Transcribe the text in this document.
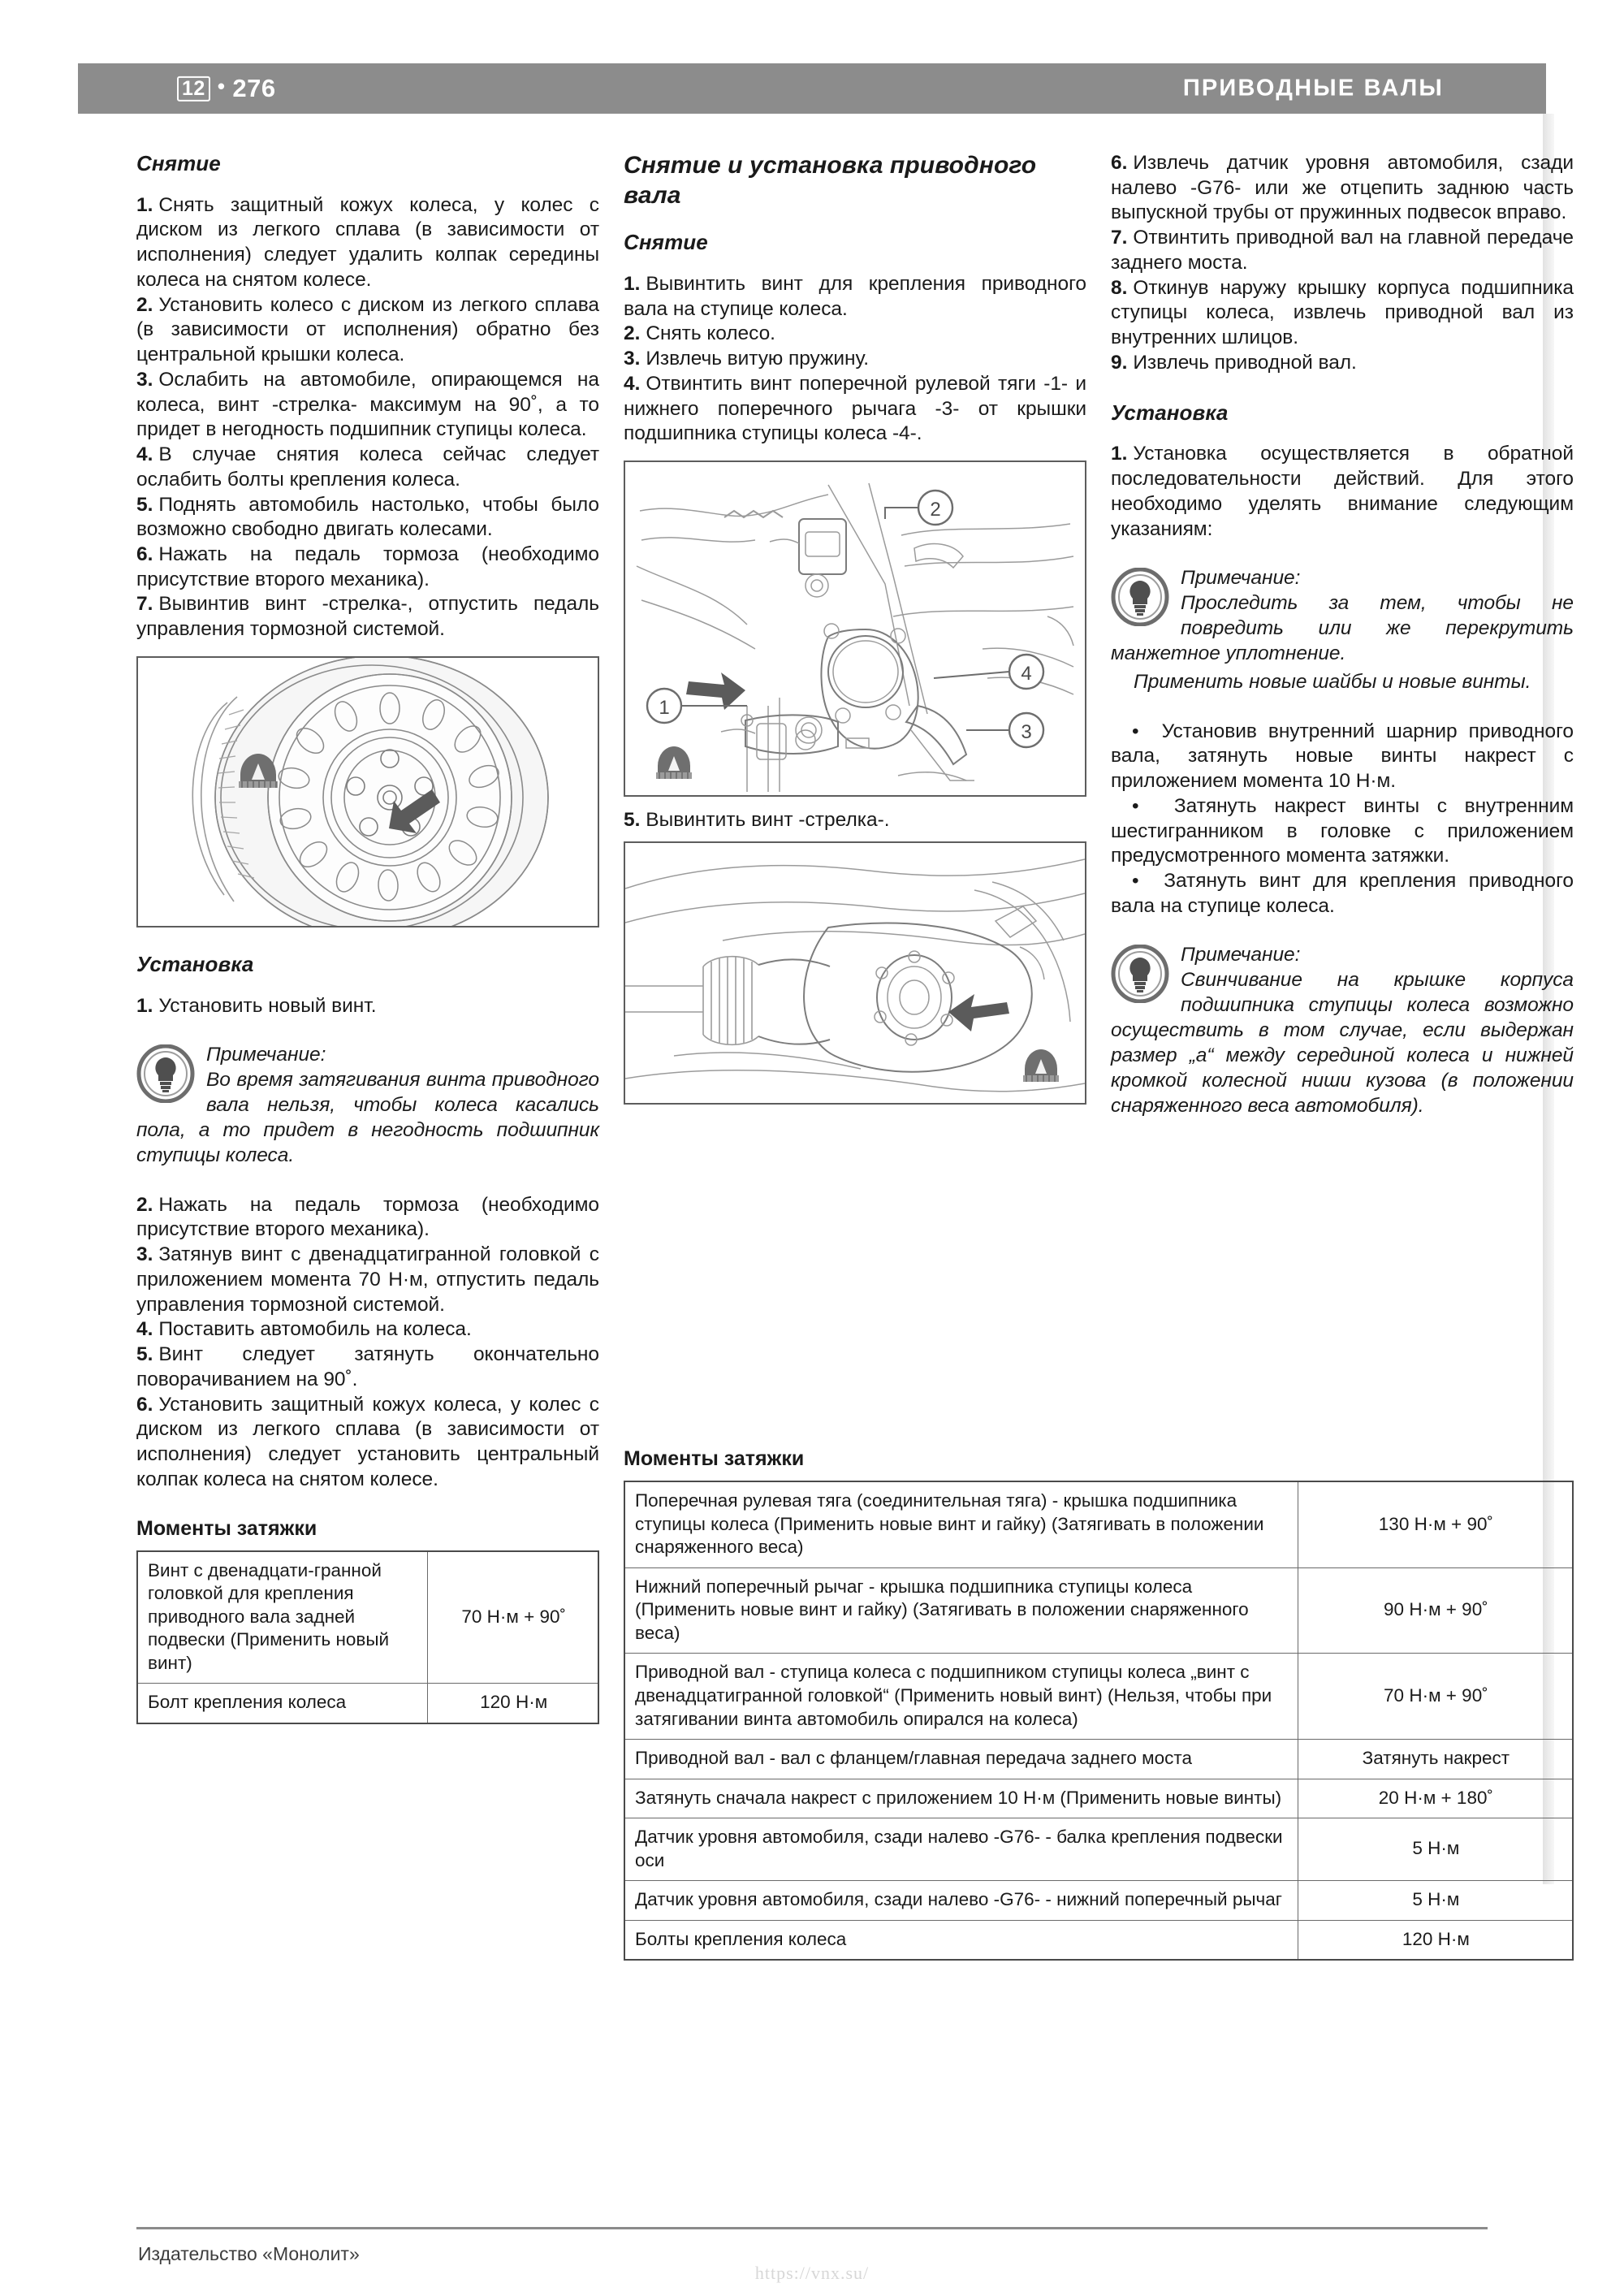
12 • 276	ПРИВОДНЫЕ ВАЛЫ
Снятие

1. Снять защитный кожух колеса, у колес с диском из легкого сплава (в зависимости от исполнения) следует удалить колпак середины колеса на снятом колесе.

2. Установить колесо с диском из легкого сплава (в зависимости от исполнения) обратно без центральной крышки колеса.

3. Ослабить на автомобиле, опирающемся на колеса, винт -стрелка- максимум на 90˚, а то придет в негодность подшипник ступицы колеса.

4. В случае снятия колеса сейчас следует ослабить болты крепления колеса.

5. Поднять автомобиль настолько, чтобы было возможно свободно двигать колесами.

6. Нажать на педаль тормоза (необходимо присутствие второго механика).

7. Вывинтив винт -стрелка-, отпустить педаль управления тормозной системой.

Установка

1. Установить новый винт.

Примечание:
Во время затягивания винта приводного вала нельзя, чтобы колеса касались пола, а то придет в негодность подшипник ступицы колеса.

2. Нажать на педаль тормоза (необходимо присутствие второго механика).

3. Затянув винт с двенадцатигранной головкой с приложением момента 70 Н·м, отпустить педаль управления тормозной системой.

4. Поставить автомобиль на колеса.

5. Винт следует затянуть окончательно поворачиванием на 90˚.

6. Установить защитный кожух колеса, у колес с диском из легкого сплава (в зависимости от исполнения) следует установить центральный колпак колеса на снятом колесе.

Моменты затяжки
Винт с двенадцати-гранной головкой для крепления приводного вала задней подвески (Применить новый винт)	70 Н·м + 90˚
Болт крепления колеса	120 Н·м
Снятие и установка приводного вала
Снятие

1. Вывинтить винт для крепления приводного вала на ступице колеса.

2. Снять колесо.

3. Извлечь витую пружину.

4. Отвинтить винт поперечной рулевой тяги -1- и нижнего поперечного рычага -3- от крышки подшипника ступицы колеса -4-.

1
2
3
4

5. Вывинтить винт -стрелка-.

6. Извлечь датчик уровня автомобиля, сзади налево -G76- или же отцепить заднюю часть выпускной трубы от пружинных подвесок вправо.

7. Отвинтить приводной вал на главной передаче заднего моста.

8. Откинув наружу крышку корпуса подшипника ступицы колеса, извлечь приводной вал из внутренних шлицов.

9. Извлечь приводной вал.

Установка

1. Установка осуществляется в обратной последовательности действий. Для этого необходимо уделять внимание следующим указаниям:

Примечание:
Проследить за тем, чтобы не повредить или же перекрутить манжетное уплотнение.
Применить новые шайбы и новые винты.

•  Установив внутренний шарнир приводного вала, затянуть новые винты накрест с приложением момента 10 Н·м.

•  Затянуть накрест винты с внутренним шестигранником в головке с приложением предусмотренного момента затяжки.

•  Затянуть винт для крепления приводного вала на ступице колеса.

Примечание:
Свинчивание на крышке корпуса подшипника ступицы колеса возможно осуществить в том случае, если выдержан размер „а“ между серединой колеса и нижней кромкой колесной ниши кузова (в положении снаряженного веса автомобиля).
Моменты затяжки
Поперечная рулевая тяга (соединительная тяга) - крышка подшипника ступицы колеса (Применить новые винт и гайку) (Затягивать в положении снаряженного веса)	130 Н·м + 90˚
Нижний поперечный рычаг - крышка подшипника ступицы колеса (Применить новые винт и гайку) (Затягивать в положении снаряженного веса)	90 Н·м + 90˚
Приводной вал - ступица колеса с подшипником ступицы колеса „винт с двенадцатигранной головкой“ (Применить новый винт) (Нельзя, чтобы при затягивании винта автомобиль опирался на колеса)	70 Н·м + 90˚
Приводной вал - вал с фланцем/главная передача заднего моста	Затянуть накрест
Затянуть сначала накрест с приложением 10 Н·м (Применить новые винты)	20 Н·м + 180˚
Датчик уровня автомобиля, сзади налево -G76- - балка крепления подвески оси	5 Н·м
Датчик уровня автомобиля, сзади налево -G76- - нижний поперечный рычаг	5 Н·м
Болты крепления колеса	120 Н·м
Издательство «Монолит»
https://vnx.su/
